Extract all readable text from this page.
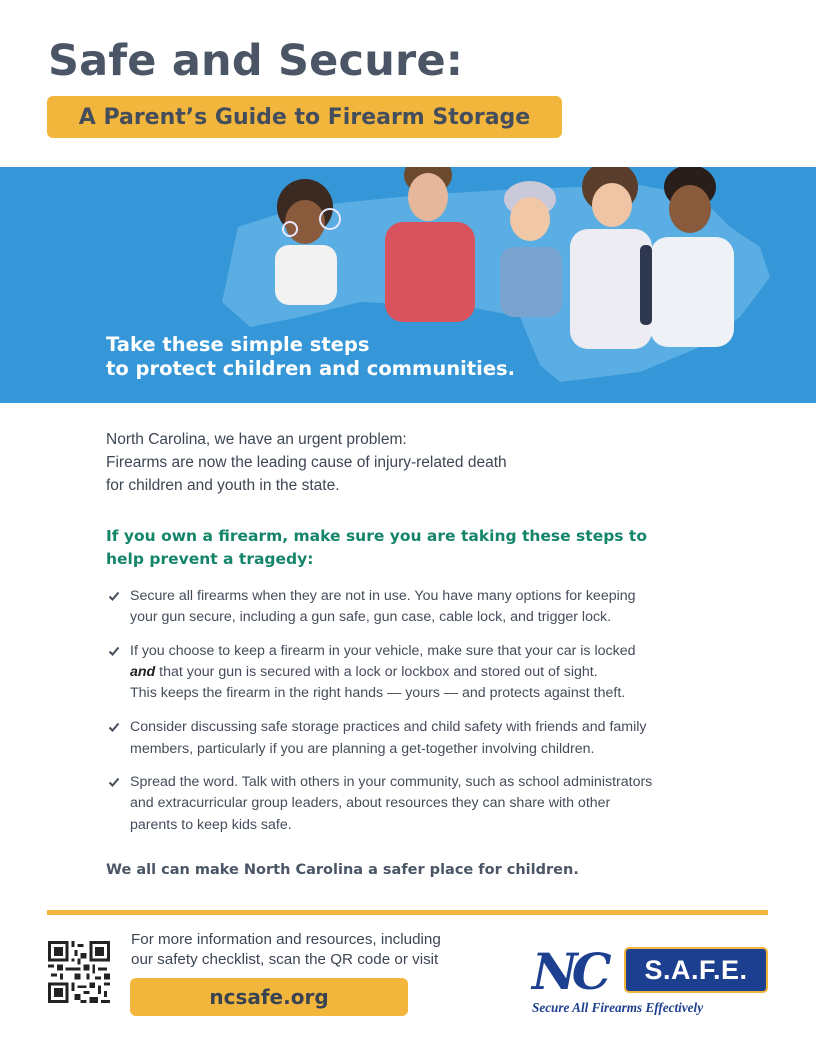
Safe and Secure:
A Parent’s Guide to Firearm Storage

Take these simple steps
to protect children and communities.

North Carolina, we have an urgent problem:
Firearms are now the leading cause of injury-related death
for children and youth in the state.

If you own a firearm, make sure you are taking these steps to
help prevent a tragedy:
Secure all firearms when they are not in use. You have many options for keeping
your gun secure, including a gun safe, gun case, cable lock, and trigger lock.
If you choose to keep a firearm in your vehicle, make sure that your car is locked
and that your gun is secured with a lock or lockbox and stored out of sight.
This keeps the firearm in the right hands — yours — and protects against theft.
Consider discussing safe storage practices and child safety with friends and family
members, particularly if you are planning a get-together involving children.
Spread the word. Talk with others in your community, such as school administrators
and extracurricular group leaders, about resources they can share with other
parents to keep kids safe.

We all can make North Carolina a safer place for children.

For more information and resources, including
our safety checklist, scan the QR code or visit

ncsafe.org	NC S.A.F.E.

Secure All Firearms Effectively
